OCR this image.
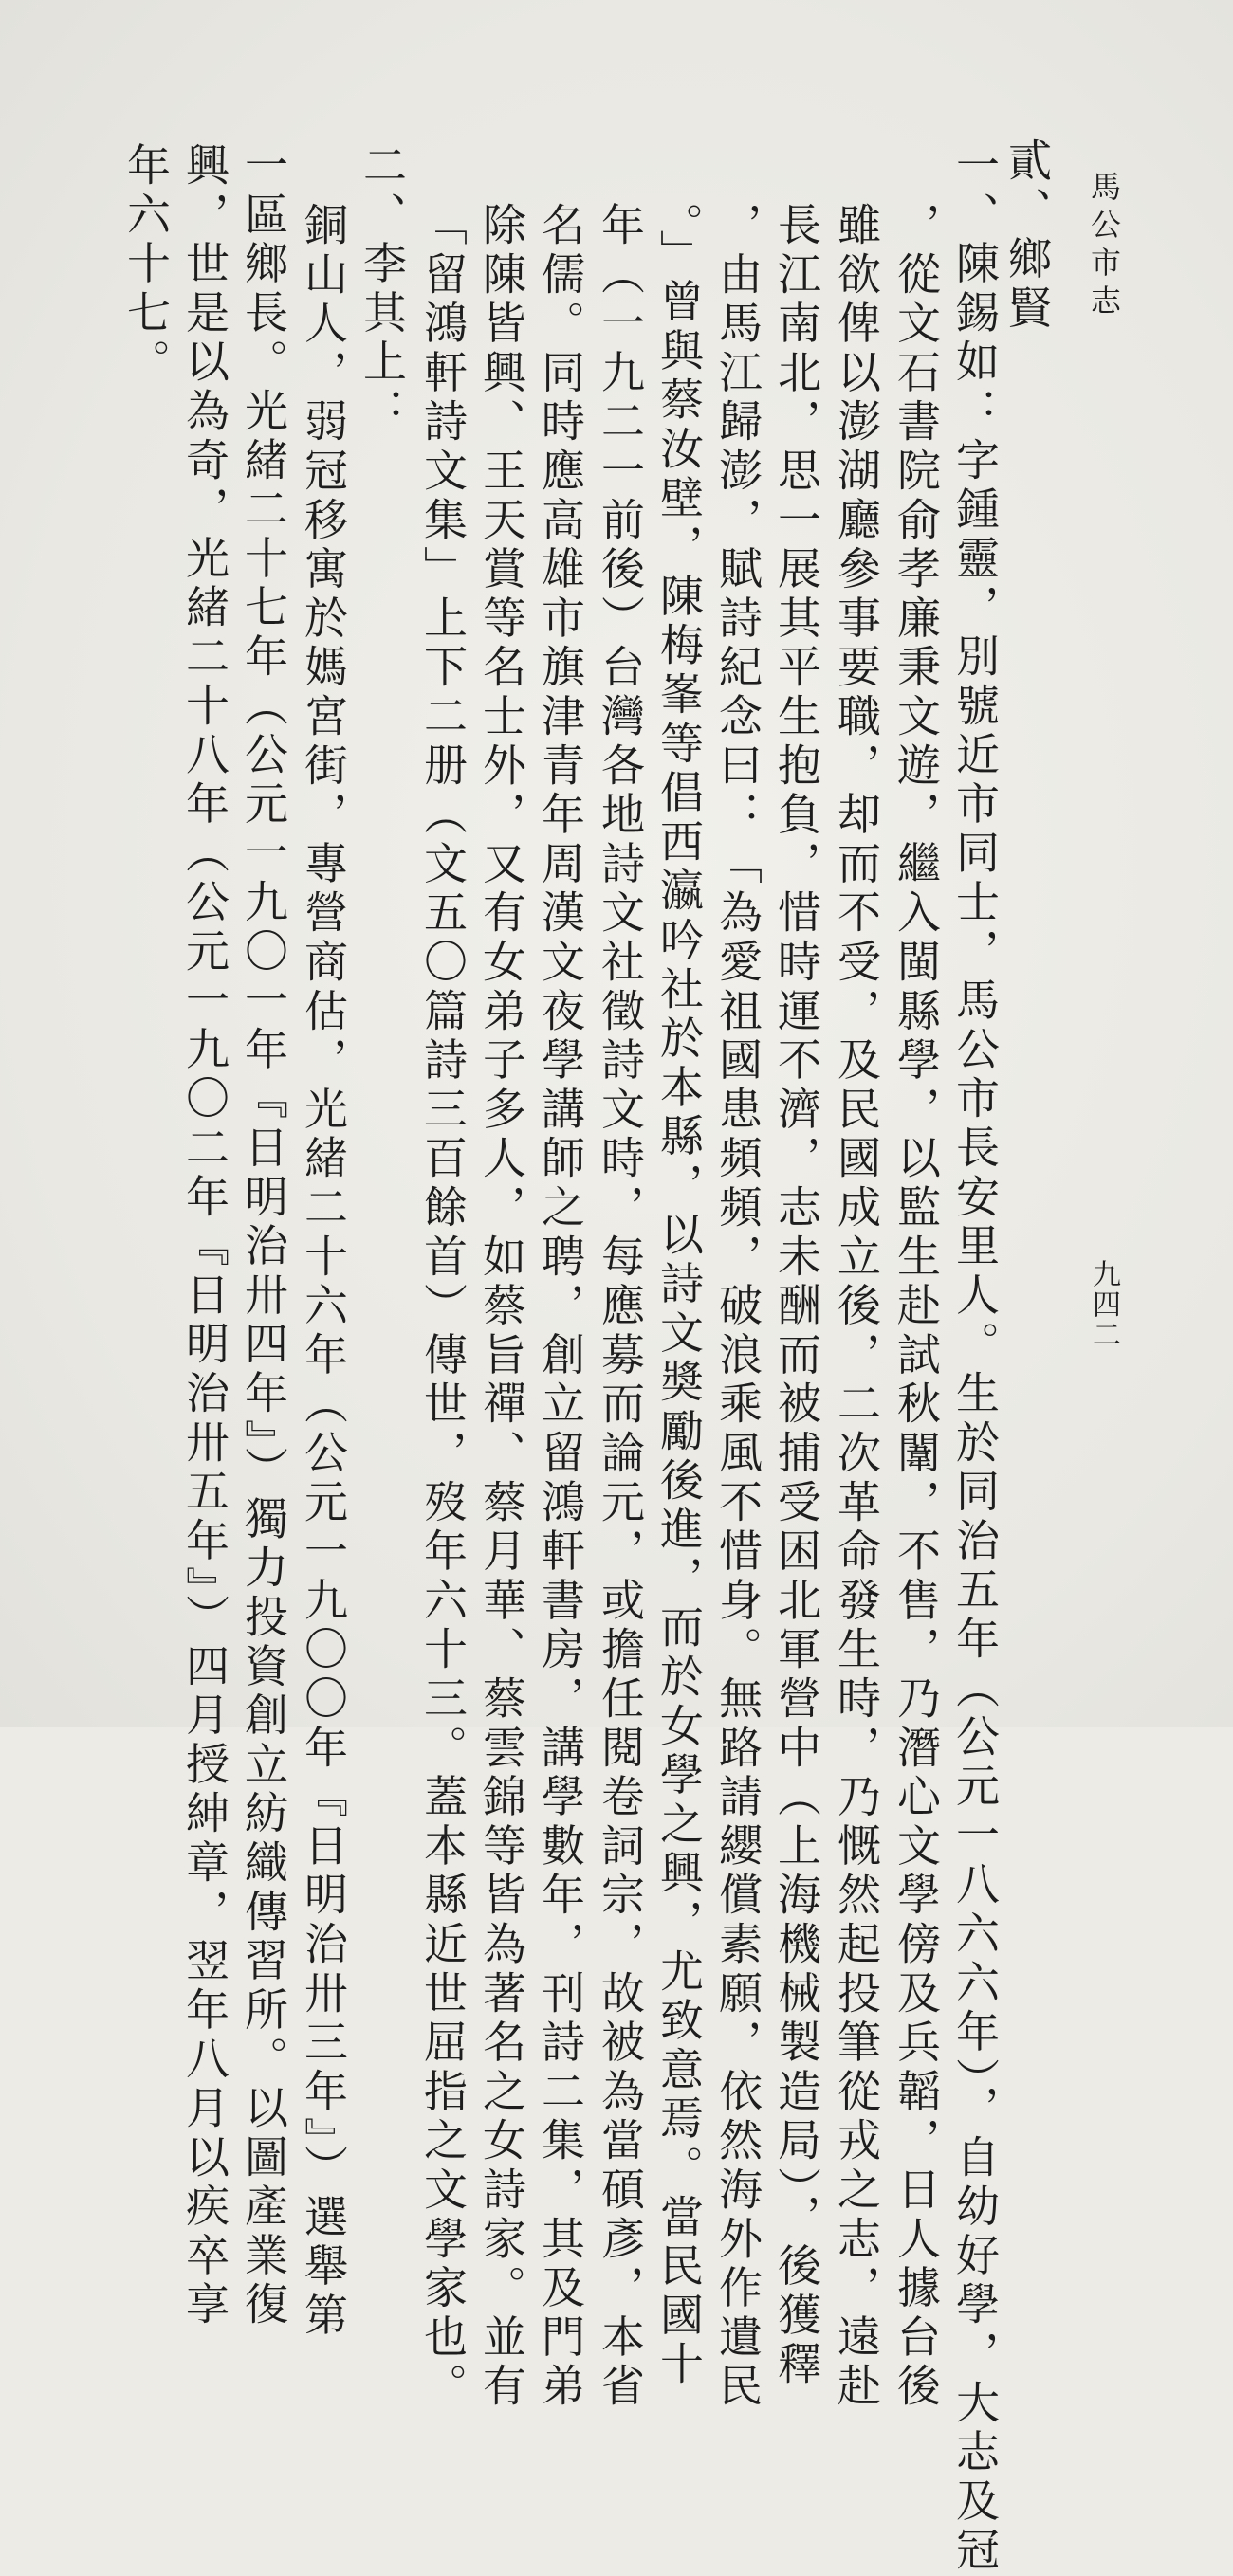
馬公市志
貳、鄉賢
一、陳錫如：字鍾靈，別號近市同士，馬公市長安里人。生於同治五年（公元一八六六年），自幼好學，大志及冠
，從文石書院俞孝廉秉文遊，繼入閩縣學，以監生赴試秋闈，不售，乃潛心文學傍及兵韜，日人據台後
雖欲俾以澎湖廳參事要職，却而不受，及民國成立後，二次革命發生時，乃慨然起投筆從戎之志，遠赴
長江南北，思一展其平生抱負，惜時運不濟，志未酬而被捕受困北軍營中（上海機械製造局），後獲釋
，由馬江歸澎，賦詩紀念曰：「為愛祖國患頻頻，破浪乘風不惜身。無路請纓償素願，依然海外作遺民
。」曾與蔡汝壁，陳梅峯等倡西瀛吟社於本縣，以詩文奬勵後進，而於女學之興，尤致意焉。當民國十
年（一九二一前後）台灣各地詩文社徵詩文時，每應募而論元，或擔任閱卷詞宗，故被為當碩彥，本省
名儒。同時應高雄市旗津青年周漢文夜學講師之聘，創立留鴻軒書房，講學數年，刊詩二集，其及門弟
除陳皆興、王天賞等名士外，又有女弟子多人，如蔡旨禪、蔡月華、蔡雲錦等皆為著名之女詩家。並有
「留鴻軒詩文集」上下二册（文五〇篇詩三百餘首）傳世，歿年六十三。蓋本縣近世屈指之文學家也。
二、李其上：
銅山人，弱冠移寓於媽宮街，專營商估，光緒二十六年（公元一九〇〇年『日明治卅三年』）選舉第
一區鄉長。光緒二十七年（公元一九〇一年『日明治卅四年』）獨力投資創立紡織傳習所。以圖產業復
興，世是以為奇，光緒二十八年（公元一九〇二年『日明治卅五年』）四月授紳章，翌年八月以疾卒享
年六十七。
九四二
